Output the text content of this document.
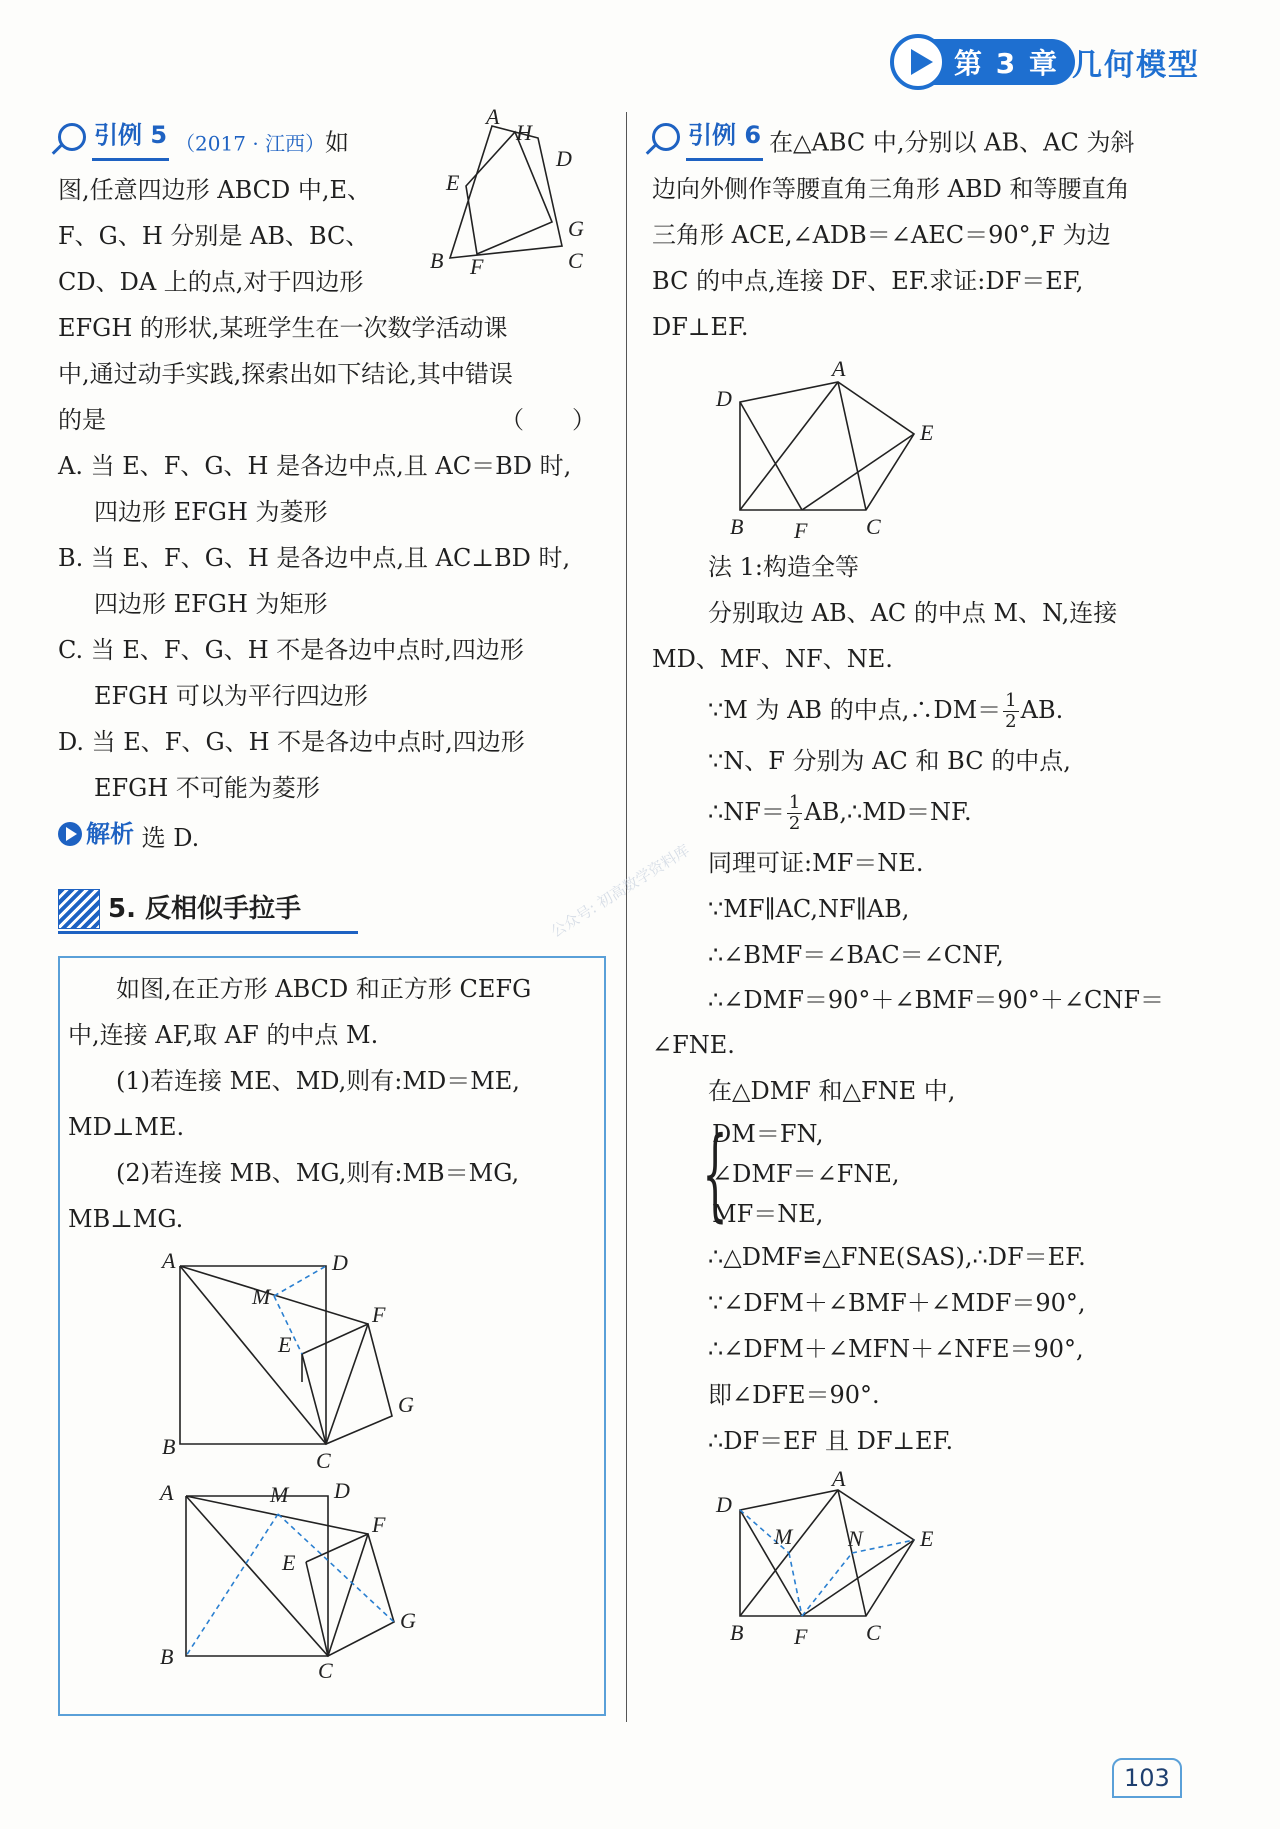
第 3 章 几何模型
A
H
D
E
G
B F	C

引例 5 （2017 · 江西）如

图,任意四边形 ABCD 中,E、

F、G、H 分别是 AB、BC、

CD、DA 上的点,对于四边形

EFGH 的形状,某班学生在一次数学活动课

中,通过动手实践,探索出如下结论,其中错误

的是	（　　）

A. 当 E、F、G、H 是各边中点,且 AC＝BD 时,
四边形 EFGH 为菱形
B. 当 E、F、G、H 是各边中点,且 AC⊥BD 时,
四边形 EFGH 为矩形
C. 当 E、F、G、H 不是各边中点时,四边形
EFGH 可以为平行四边形
D. 当 E、F、G、H 不是各边中点时,四边形
EFGH 不可能为菱形

解析 选 D.

5. 反相似手拉手

如图,在正方形 ABCD 和正方形 CEFG

中,连接 AF,取 AF 的中点 M.

(1)若连接 ME、MD,则有:MD＝ME,

MD⊥ME.

(2)若连接 MB、MG,则有:MB＝MG,

MB⊥MG.

A	D
M
F
E
G
B
C
A	M D
F
E
G
B
C

引例 6 在△ABC 中,分别以 AB、AC 为斜

边向外侧作等腰直角三角形 ABD 和等腰直角

三角形 ACE,∠ADB＝∠AEC＝90°,F 为边

BC 的中点,连接 DF、EF.求证:DF＝EF,

DF⊥EF.

A
D
E
B F	C

法 1:构造全等

分别取边 AB、AC 的中点 M、N,连接

MD、MF、NF、NE.

∵M 为 AB 的中点,∴DM＝ $\frac{1}{2}$ AB.

∵N、F 分别为 AC 和 BC 的中点,

∴NF＝ $\frac{1}{2}$ AB,∴MD＝NF.

同理可证:MF＝NE.

∵MF∥AC,NF∥AB,

∴∠BMF＝∠BAC＝∠CNF,

∴∠DMF＝90°＋∠BMF＝90°＋∠CNF＝

∠FNE.

在△DMF 和△FNE 中,

{

DM＝FN,

∠DMF＝∠FNE,

MF＝NE,

∴△DMF≌△FNE(SAS),∴DF＝EF.

∵∠DFM＋∠BMF＋∠MDF＝90°,

∴∠DFM＋∠MFN＋∠NFE＝90°,

即∠DFE＝90°.

∴DF＝EF 且 DF⊥EF.

A
D
M	N	E
B F	C
公众号: 初高数学资料库
103
